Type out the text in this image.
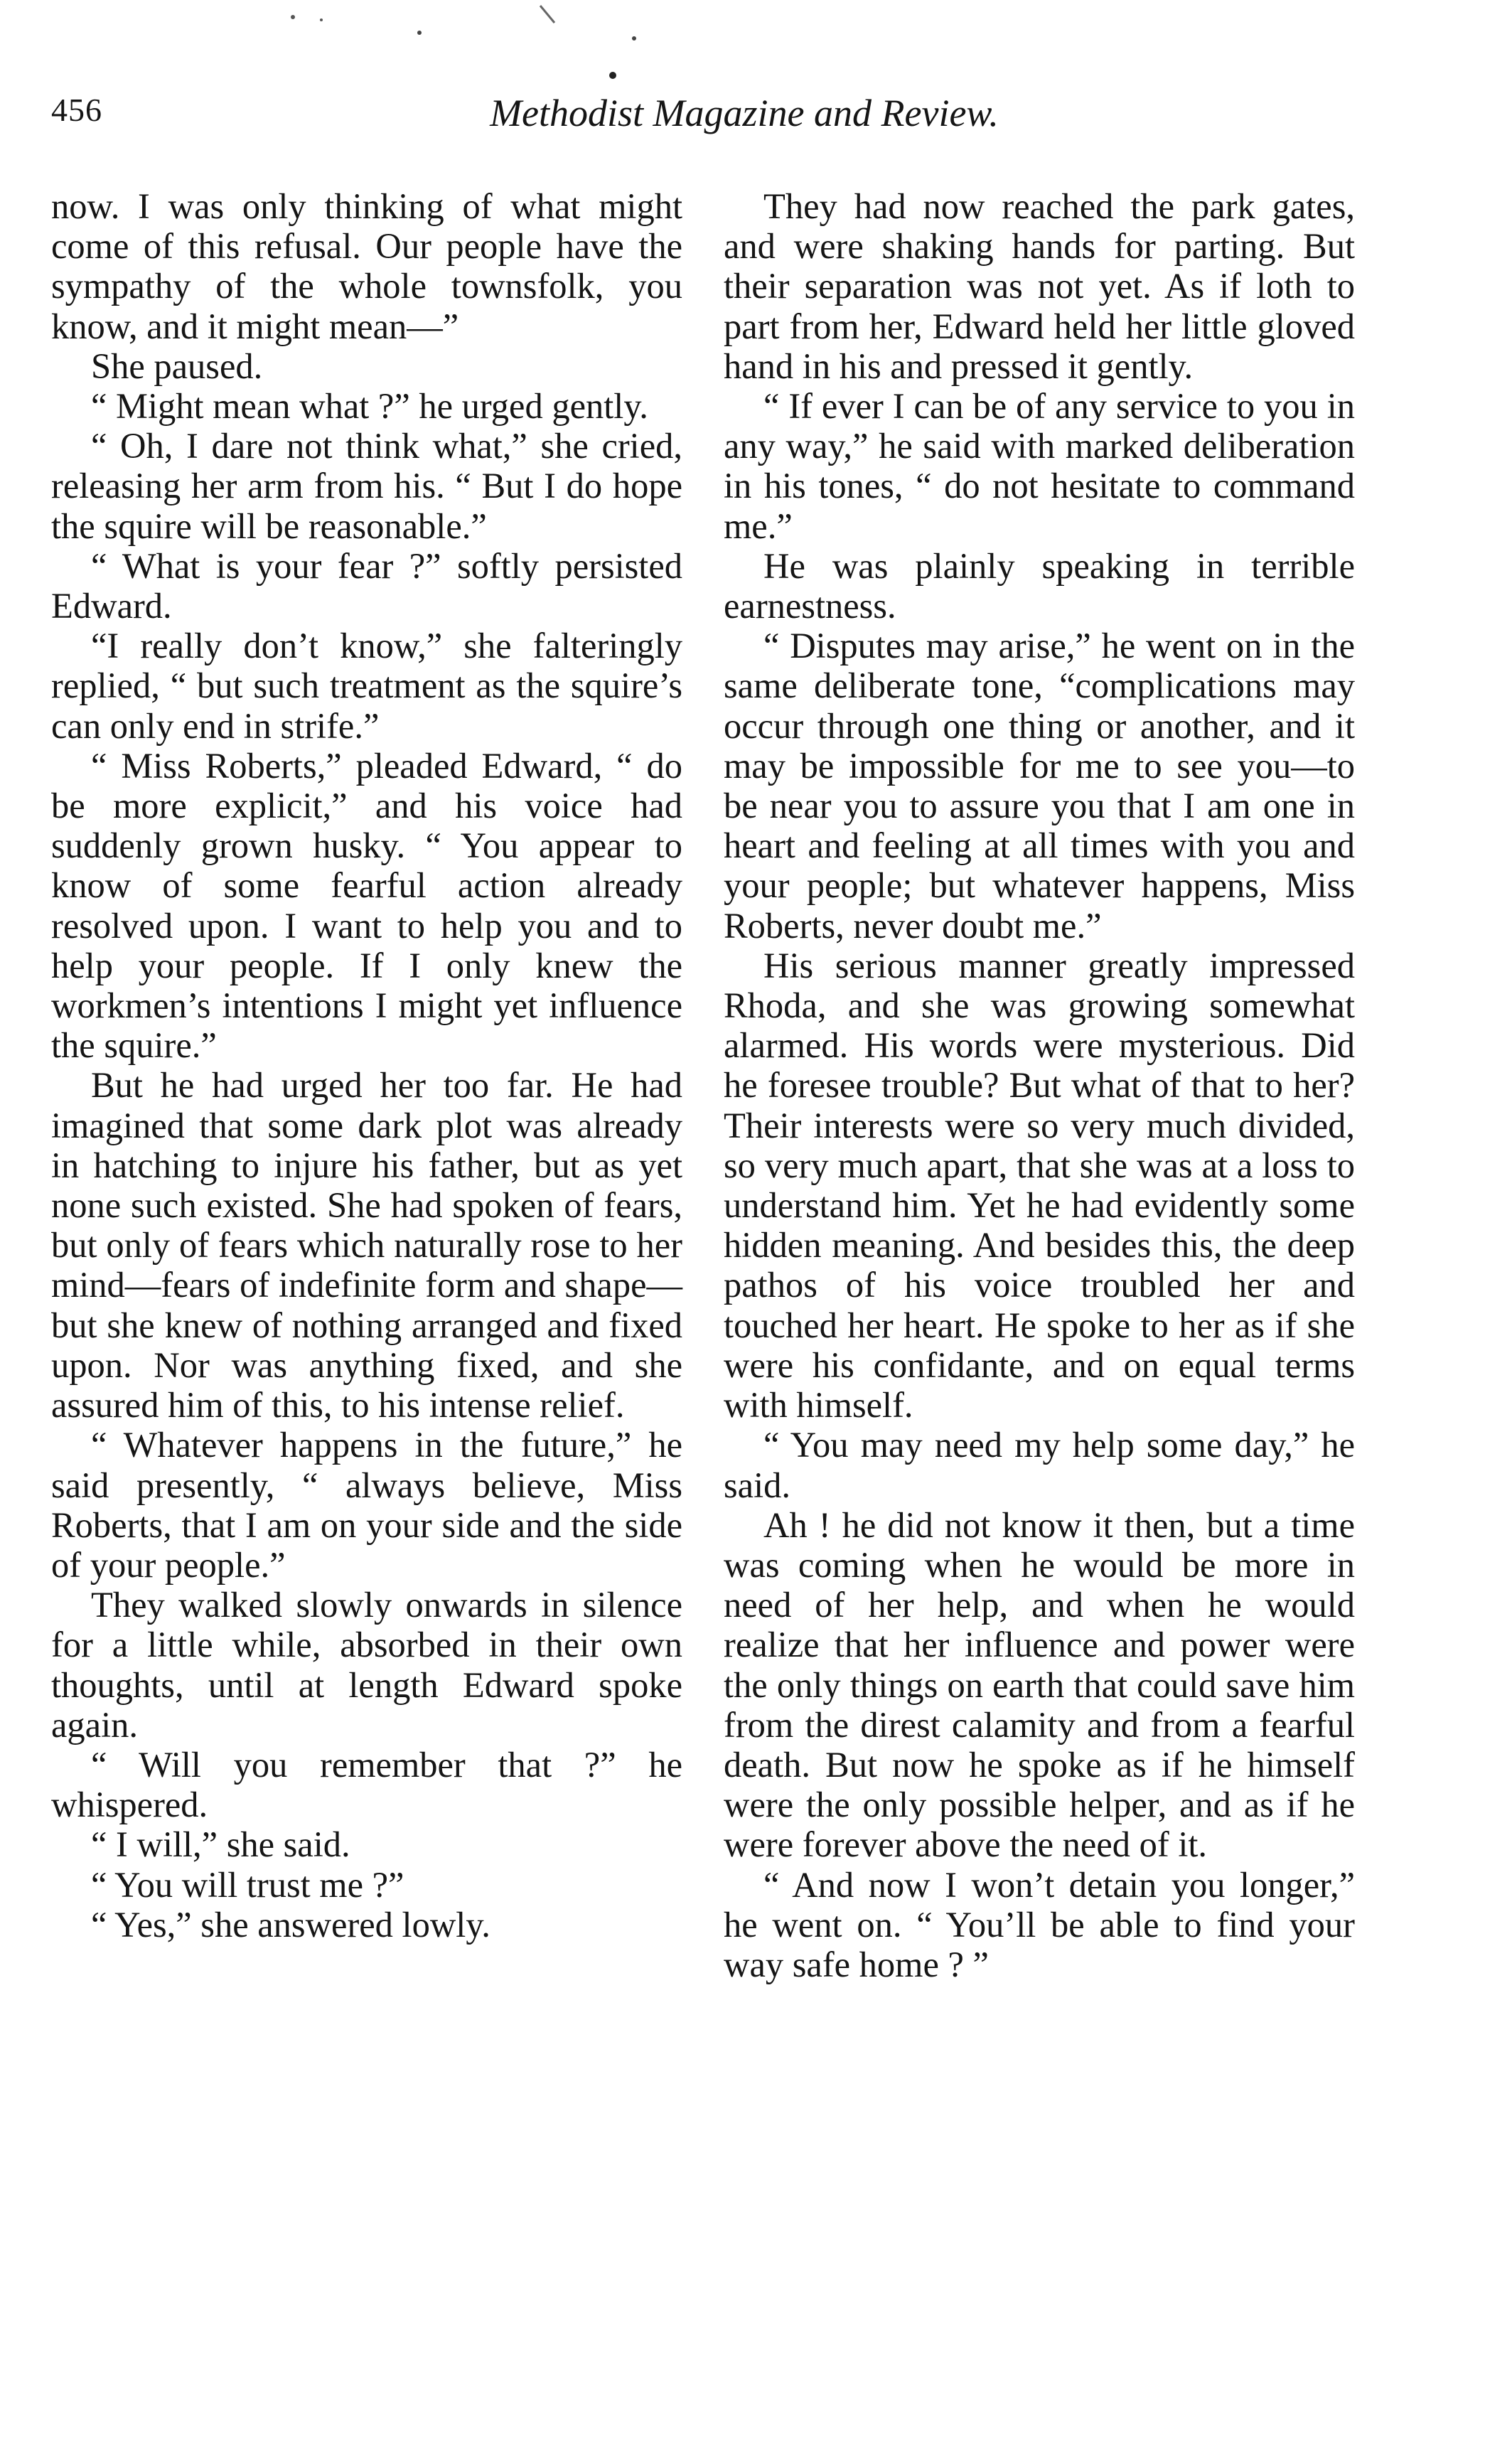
456	Methodist Magazine and Review.

now. I was only thinking of what might come of this refusal. Our people have the sympathy of the whole townsfolk, you know, and it might mean—”

She paused.

“ Might mean what ?” he urged gently.

“ Oh, I dare not think what,” she cried, releasing her arm from his. “ But I do hope the squire will be reasonable.”

“ What is your fear ?” softly persisted Edward.

“I really don’t know,” she falteringly replied, “ but such treatment as the squire’s can only end in strife.”

“ Miss Roberts,” pleaded Edward, “ do be more explicit,” and his voice had suddenly grown husky. “ You appear to know of some fearful action already resolved upon. I want to help you and to help your people. If I only knew the workmen’s intentions I might yet influence the squire.”

But he had urged her too far. He had imagined that some dark plot was already in hatching to injure his father, but as yet none such existed. She had spoken of fears, but only of fears which naturally rose to her mind—fears of indefinite form and shape—but she knew of nothing arranged and fixed upon. Nor was anything fixed, and she assured him of this, to his intense relief.

“ Whatever happens in the future,” he said presently, “ always believe, Miss Roberts, that I am on your side and the side of your people.”

They walked slowly onwards in silence for a little while, absorbed in their own thoughts, until at length Edward spoke again.

“ Will you remember that ?” he whispered.

“ I will,” she said.

“ You will trust me ?”

“ Yes,” she answered lowly.

They had now reached the park gates, and were shaking hands for parting. But their separation was not yet. As if loth to part from her, Edward held her little gloved hand in his and pressed it gently.

“ If ever I can be of any service to you in any way,” he said with marked deliberation in his tones, “ do not hesitate to command me.”

He was plainly speaking in terrible earnestness.

“ Disputes may arise,” he went on in the same deliberate tone, “complications may occur through one thing or another, and it may be impossible for me to see you—to be near you to assure you that I am one in heart and feeling at all times with you and your people; but whatever happens, Miss Roberts, never doubt me.”

His serious manner greatly impressed Rhoda, and she was growing somewhat alarmed. His words were mysterious. Did he foresee trouble? But what of that to her? Their interests were so very much divided, so very much apart, that she was at a loss to understand him. Yet he had evidently some hidden meaning. And besides this, the deep pathos of his voice troubled her and touched her heart. He spoke to her as if she were his confidante, and on equal terms with himself.

“ You may need my help some day,” he said.

Ah ! he did not know it then, but a time was coming when he would be more in need of her help, and when he would realize that her influence and power were the only things on earth that could save him from the direst calamity and from a fearful death. But now he spoke as if he himself were the only possible helper, and as if he were forever above the need of it.

“ And now I won’t detain you longer,” he went on. “ You’ll be able to find your way safe home ? ”
